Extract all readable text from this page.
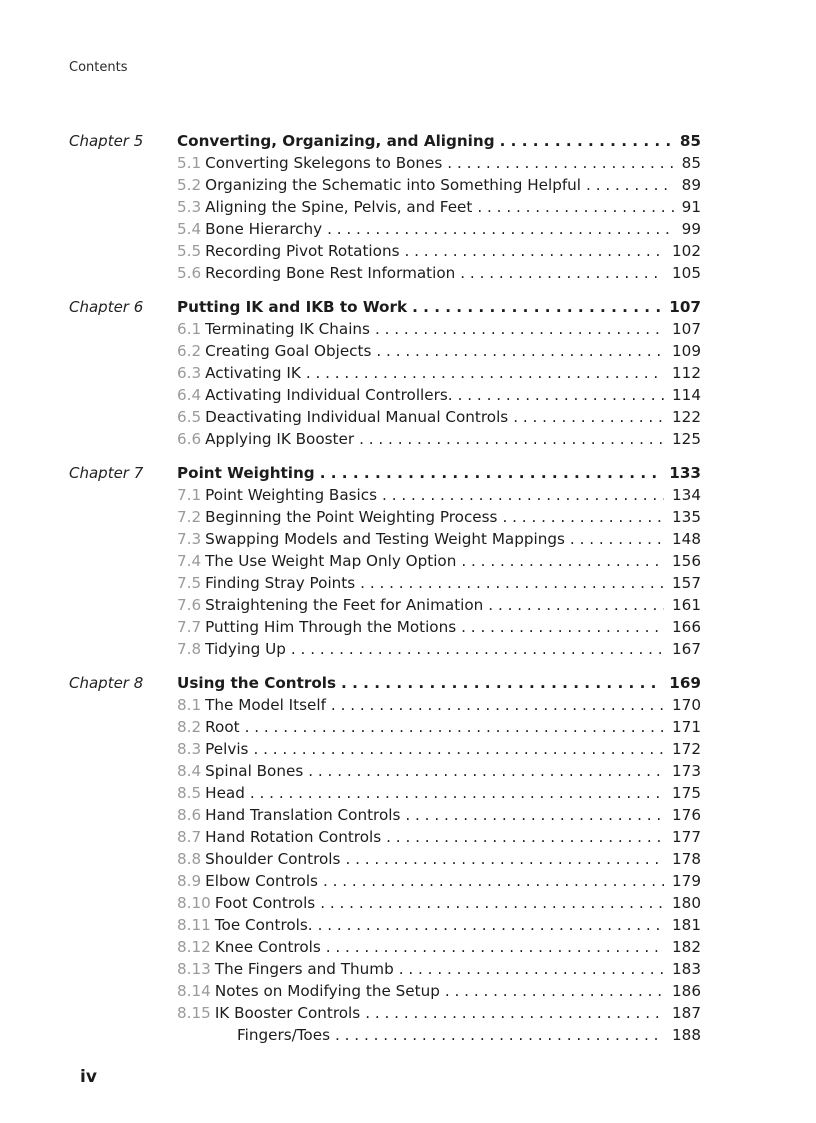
Contents
Chapter 5 Converting, Organizing, and Aligning . . .	85
5.1 Converting Skelegons to Bones . . .	85
5.2 Organizing the Schematic into Something Helpful . . .	89
5.3 Aligning the Spine, Pelvis, and Feet . . .	91
5.4 Bone Hierarchy . . .	99
5.5 Recording Pivot Rotations . . .	102
5.6 Recording Bone Rest Information . . .	105
Chapter 6 Putting IK and IKB to Work . . .	107
6.1 Terminating IK Chains . . .	107
6.2 Creating Goal Objects . . .	109
6.3 Activating IK . . .	112
6.4 Activating Individual Controllers. . . .	114
6.5 Deactivating Individual Manual Controls . . .	122
6.6 Applying IK Booster . . .	125
Chapter 7 Point Weighting . . .	133
7.1 Point Weighting Basics . . .	134
7.2 Beginning the Point Weighting Process . . .	135
7.3 Swapping Models and Testing Weight Mappings . . .	148
7.4 The Use Weight Map Only Option . . .	156
7.5 Finding Stray Points . . .	157
7.6 Straightening the Feet for Animation . . .	161
7.7 Putting Him Through the Motions . . .	166
7.8 Tidying Up . . .	167
Chapter 8 Using the Controls . . .	169
8.1 The Model Itself . . .	170
8.2 Root . . .	171
8.3 Pelvis . . .	172
8.4 Spinal Bones . . .	173
8.5 Head . . .	175
8.6 Hand Translation Controls . . .	176
8.7 Hand Rotation Controls . . .	177
8.8 Shoulder Controls . . .	178
8.9 Elbow Controls . . .	179
8.10 Foot Controls . . .	180
8.11 Toe Controls. . . .	181
8.12 Knee Controls . . .	182
8.13 The Fingers and Thumb . . .	183
8.14 Notes on Modifying the Setup . . .	186
8.15 IK Booster Controls . . .	187
Fingers/Toes . . .	188
iv
